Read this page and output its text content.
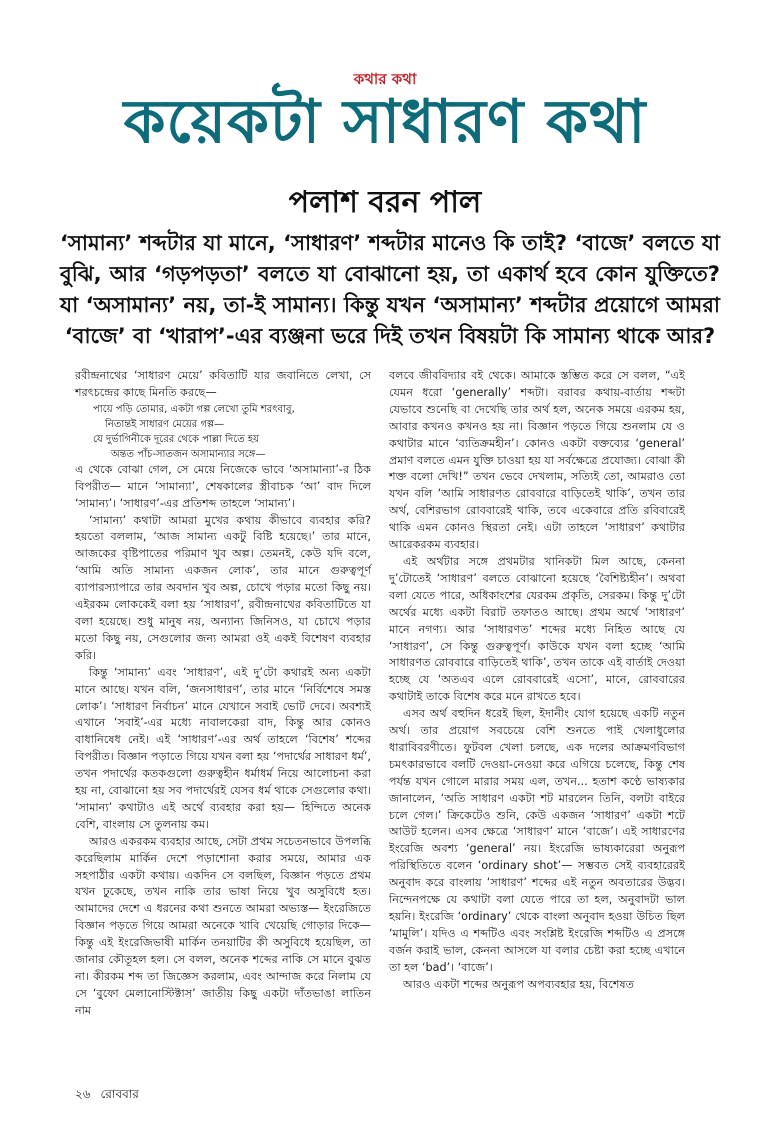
কথার কথা
কয়েকটা সাধারণ কথা
পলাশ বরন পাল
‘সামান্য’ শব্দটার যা মানে, ‘সাধারণ’ শব্দটার মানেও কি তাই? ‘বাজে’ বলতে যা বুঝি, আর ‘গড়পড়তা’ বলতে যা বোঝানো হয়, তা একার্থ হবে কোন যুক্তিতে? যা ‘অসামান্য’ নয়, তা-ই সামান্য। কিন্তু যখন ‘অসামান্য’ শব্দটার প্রয়োগে আমরা ‘বাজে’ বা ‘খারাপ’-এর ব্যঞ্জনা ভরে দিই তখন বিষয়টা কি সামান্য থাকে আর?

রবীন্দ্রনাথের ‘সাধারণ মেয়ে’ কবিতাটি যার জবানিতে লেখা, সে শরৎচন্দ্রের কাছে মিনতি করছে—

পায়ে পড়ি তোমার, একটা গল্প লেখো তুমি শরৎবাবু,
নিতান্তই সাধারণ মেয়ের গল্প—
যে দুর্ভাগিনীকে দূরের থেকে পাল্লা দিতে হয়
অন্তত পাঁচ-সাতজন অসামান্যার সঙ্গে—

এ থেকে বোঝা গেল, সে মেয়ে নিজেকে ভাবে ‘অসামান্যা’-র ঠিক বিপরীত— মানে ‘সামান্যা’, শেষকালের স্ত্রীবাচক ‘আ’ বাদ দিলে ‘সামান্য’। ‘সাধারণ’-এর প্রতিশব্দ তাহলে ‘সামান্য’।

‘সামান্য’ কথাটা আমরা মুখের কথায় কীভাবে ব্যবহার করি? হয়তো বললাম, ‘আজ সামান্য একটু বিষ্টি হয়েছে।’ তার মানে, আজকের বৃষ্টিপাতের পরিমাণ খুব অল্প। তেমনই, কেউ যদি বলে, ‘আমি অতি সামান্য একজন লোক’, তার মানে গুরুত্বপূর্ণ ব্যাপারস্যাপারে তার অবদান খুব অল্প, চোখে পড়ার মতো কিছু নয়। এইরকম লোককেই বলা হয় ‘সাধারণ’, রবীন্দ্রনাথের কবিতাটিতে যা বলা হয়েছে। শুধু মানুষ নয়, অন্যান্য জিনিসও, যা চোখে পড়ার মতো কিছু নয়, সেগুলোর জন্য আমরা ওই একই বিশেষণ ব্যবহার করি।

কিন্তু ‘সামান্য’ এবং ‘সাধারণ’, এই দু’টো কথারই অন্য একটা মানে আছে। যখন বলি, ‘জনসাধারণ’, তার মানে ‘নির্বিশেষে সমস্ত লোক’। ‘সাধারণ নির্বাচন’ মানে যেখানে সবাই ভোট দেবে। অবশ্যই এখানে ‘সবাই’-এর মধ্যে নাবালকেরা বাদ, কিন্তু আর কোনও বাধানিষেধ নেই। এই ‘সাধারণ’-এর অর্থ তাহলে ‘বিশেষ’ শব্দের বিপরীত। বিজ্ঞান পড়াতে গিয়ে যখন বলা হয় ‘পদার্থের সাধারণ ধর্ম’, তখন পদার্থের কতকগুলো গুরুত্বহীন ধর্মাধর্ম নিয়ে আলোচনা করা হয় না, বোঝানো হয় সব পদার্থেরই যেসব ধর্ম থাকে সেগুলোর কথা। ‘সামান্য’ কথাটাও এই অর্থে ব্যবহার করা হয়— হিন্দিতে অনেক বেশি, বাংলায় সে তুলনায় কম।

আরও একরকম ব্যবহার আছে, সেটা প্রথম সচেতনভাবে উপলব্ধি করেছিলাম মার্কিন দেশে পড়াশোনা করার সময়ে, আমার এক সহপাঠীর একটা কথায়। একদিন সে বলছিল, বিজ্ঞান পড়তে প্রথম যখন ঢুকেছে, তখন নাকি তার ভাষা নিয়ে খুব অসুবিধে হত। আমাদের দেশে এ ধরনের কথা শুনতে আমরা অভ্যস্ত— ইংরেজিতে বিজ্ঞান পড়তে গিয়ে আমরা অনেকে খাবি খেয়েছি গোড়ার দিকে— কিন্তু এই ইংরেজিভাষী মার্কিন তনয়াটির কী অসুবিধে হয়েছিল, তা জানার কৌতূহল হল। সে বলল, অনেক শব্দের নাকি সে মানে বুঝত না। কীরকম শব্দ তা জিজ্ঞেস করলাম, এবং আন্দাজ করে নিলাম যে সে ‘বুফো মেলানোস্টিক্টাস’ জাতীয় কিছু একটা দাঁতভাঙা লাতিন নাম

বলবে জীববিদ্যার বই থেকে। আমাকে স্তম্ভিত করে সে বলল, “এই যেমন ধরো ‘generally’ শব্দটা। বরাবর কথায়-বার্তায় শব্দটা যেভাবে শুনেছি বা দেখেছি তার অর্থ হল, অনেক সময়ে এরকম হয়, আবার কখনও কখনও হয় না। বিজ্ঞান পড়তে গিয়ে শুনলাম যে ও কথাটার মানে ‘ব্যতিক্রমহীন’। কোনও একটা বক্তব্যের ‘general’ প্রমাণ বলতে এমন যুক্তি চাওয়া হয় যা সর্বক্ষেত্রে প্রযোজ্য। বোঝা কী শক্ত বলো দেখি!” তখন ভেবে দেখলাম, সত্যিই তো, আমরাও তো যখন বলি ‘আমি সাধারণত রোববারে বাড়িতেই থাকি’, তখন তার অর্থ, বেশিরভাগ রোববারেই থাকি, তবে একেবারে প্রতি রবিবারেই থাকি এমন কোনও স্থিরতা নেই। এটা তাহলে ‘সাধারণ’ কথাটার আরেকরকম ব্যবহার।

এই অর্থটার সঙ্গে প্রথমটার খানিকটা মিল আছে, কেননা দু’টোতেই ‘সাধারণ’ বলতে বোঝানো হয়েছে ‘বৈশিষ্ট্যহীন’। অথবা বলা যেতে পারে, অধিকাংশের যেরকম প্রকৃতি, সেরকম। কিন্তু দু’টো অর্থের মধ্যে একটা বিরাট তফাতও আছে। প্রথম অর্থে ‘সাধারণ’ মানে নগণ্য। আর ‘সাধারণত’ শব্দের মধ্যে নিহিত আছে যে ‘সাধারণ’, সে কিন্তু গুরুত্বপূর্ণ। কাউকে যখন বলা হচ্ছে ‘আমি সাধারণত রোববারে বাড়িতেই থাকি’, তখন তাকে এই বার্তাই দেওয়া হচ্ছে যে ‘অতএব এলে রোববারেই এসো’, মানে, রোববারের কথাটাই তাকে বিশেষ করে মনে রাখতে হবে।

এসব অর্থ বহুদিন ধরেই ছিল, ইদানীং যোগ হয়েছে একটি নতুন অর্থ। তার প্রয়োগ সবচেয়ে বেশি শুনতে পাই খেলাধুলোর ধারাবিবরণীতে। ফুটবল খেলা চলছে, এক দলের আক্রমণবিভাগ চমৎকারভাবে বলটি দেওয়া-নেওয়া করে এগিয়ে চলেছে, কিন্তু শেষ পর্যন্ত যখন গোলে মারার সময় এল, তখন... হতাশ কণ্ঠে ভাষ্যকার জানালেন, ‘অতি সাধারণ একটা শট মারলেন তিনি, বলটা বাইরে চলে গেল।’ ক্রিকেটেও শুনি, কেউ একজন ‘সাধারণ’ একটা শটে আউট হলেন। এসব ক্ষেত্রে ‘সাধারণ’ মানে ‘বাজে’। এই সাধারণের ইংরেজি অবশ্য ‘general’ নয়। ইংরেজি ভাষ্যকারেরা অনুরূপ পরিস্থিতিতে বলেন ‘ordinary shot’— সম্ভবত সেই ব্যবহারেরই অনুবাদ করে বাংলায় ‘সাধারণ’ শব্দের এই নতুন অবতারের উদ্ভব। নিন্দেনপক্ষে যে কথাটা বলা যেতে পারে তা হল, অনুবাদটা ভাল হয়নি। ইংরেজি ‘ordinary’ থেকে বাংলা অনুবাদ হওয়া উচিত ছিল ‘মামুলি’। যদিও এ শব্দটিও এবং সংশ্লিষ্ট ইংরেজি শব্দটিও এ প্রসঙ্গে বর্জন করাই ভাল, কেননা আসলে যা বলার চেষ্টা করা হচ্ছে এখানে তা হল ‘bad’। ‘বাজে’।

আরও একটা শব্দের অনুরূপ অপব্যবহার হয়, বিশেষত

২৬ রোববার
